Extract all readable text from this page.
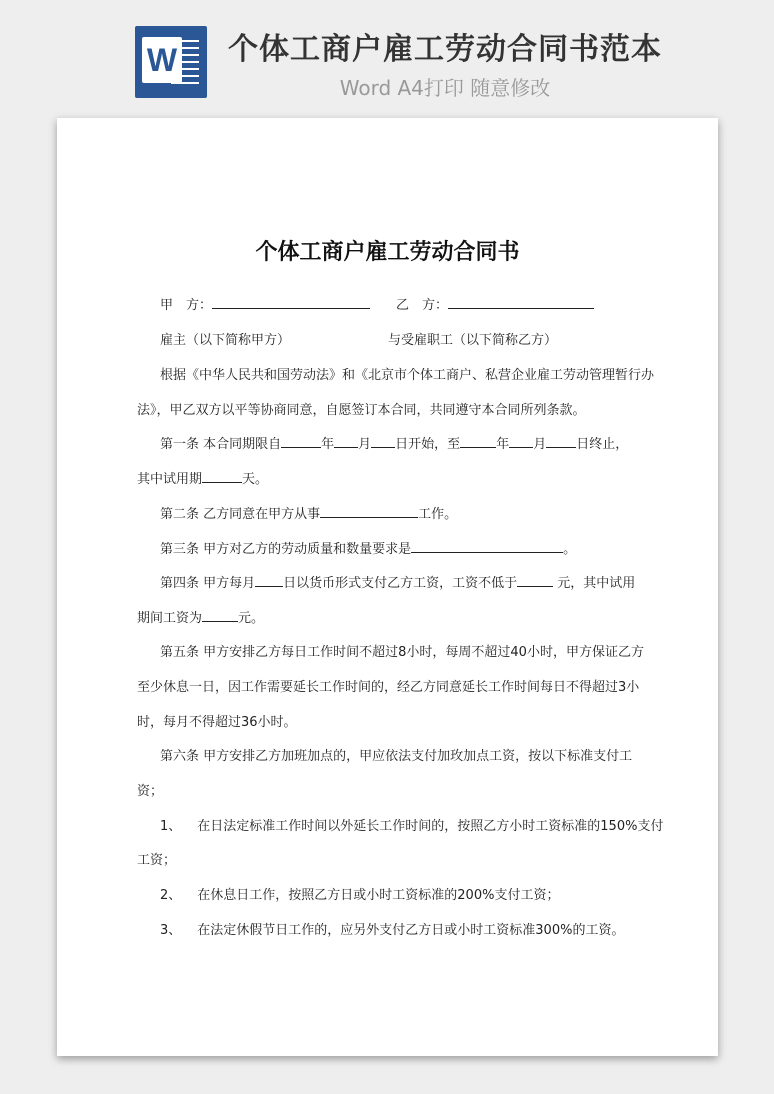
W 个体工商户雇工劳动合同书范本
Word A4打印 随意修改
个体工商户雇工劳动合同书
甲　方：	乙　方：
雇主（以下简称甲方）	与受雇职工（以下简称乙方）
根据《中华人民共和国劳动法》和《北京市个体工商户、私营企业雇工劳动管理暂行办
法》，甲乙双方以平等协商同意，自愿签订本合同，共同遵守本合同所列条款。
第一条 本合同期限自	年 月 日开始，至	年 月 日终止，
其中试用期	天。
第二条 乙方同意在甲方从事	工作。
第三条 甲方对乙方的劳动质量和数量要求是	。
第四条 甲方每月 日以货币形式支付乙方工资，工资不低于	元，其中试用
期间工资为	元。
第五条 甲方安排乙方每日工作时间不超过8小时，每周不超过40小时，甲方保证乙方
至少休息一日，因工作需要延长工作时间的，经乙方同意延长工作时间每日不得超过3小
时，每月不得超过36小时。
第六条 甲方安排乙方加班加点的，甲应依法支付加玫加点工资，按以下标准支付工
资；
1、 在日法定标准工作时间以外延长工作时间的，按照乙方小时工资标准的150%支付
工资；
2、 在休息日工作，按照乙方日或小时工资标准的200%支付工资；
3、 在法定休假节日工作的，应另外支付乙方日或小时工资标准300%的工资。
